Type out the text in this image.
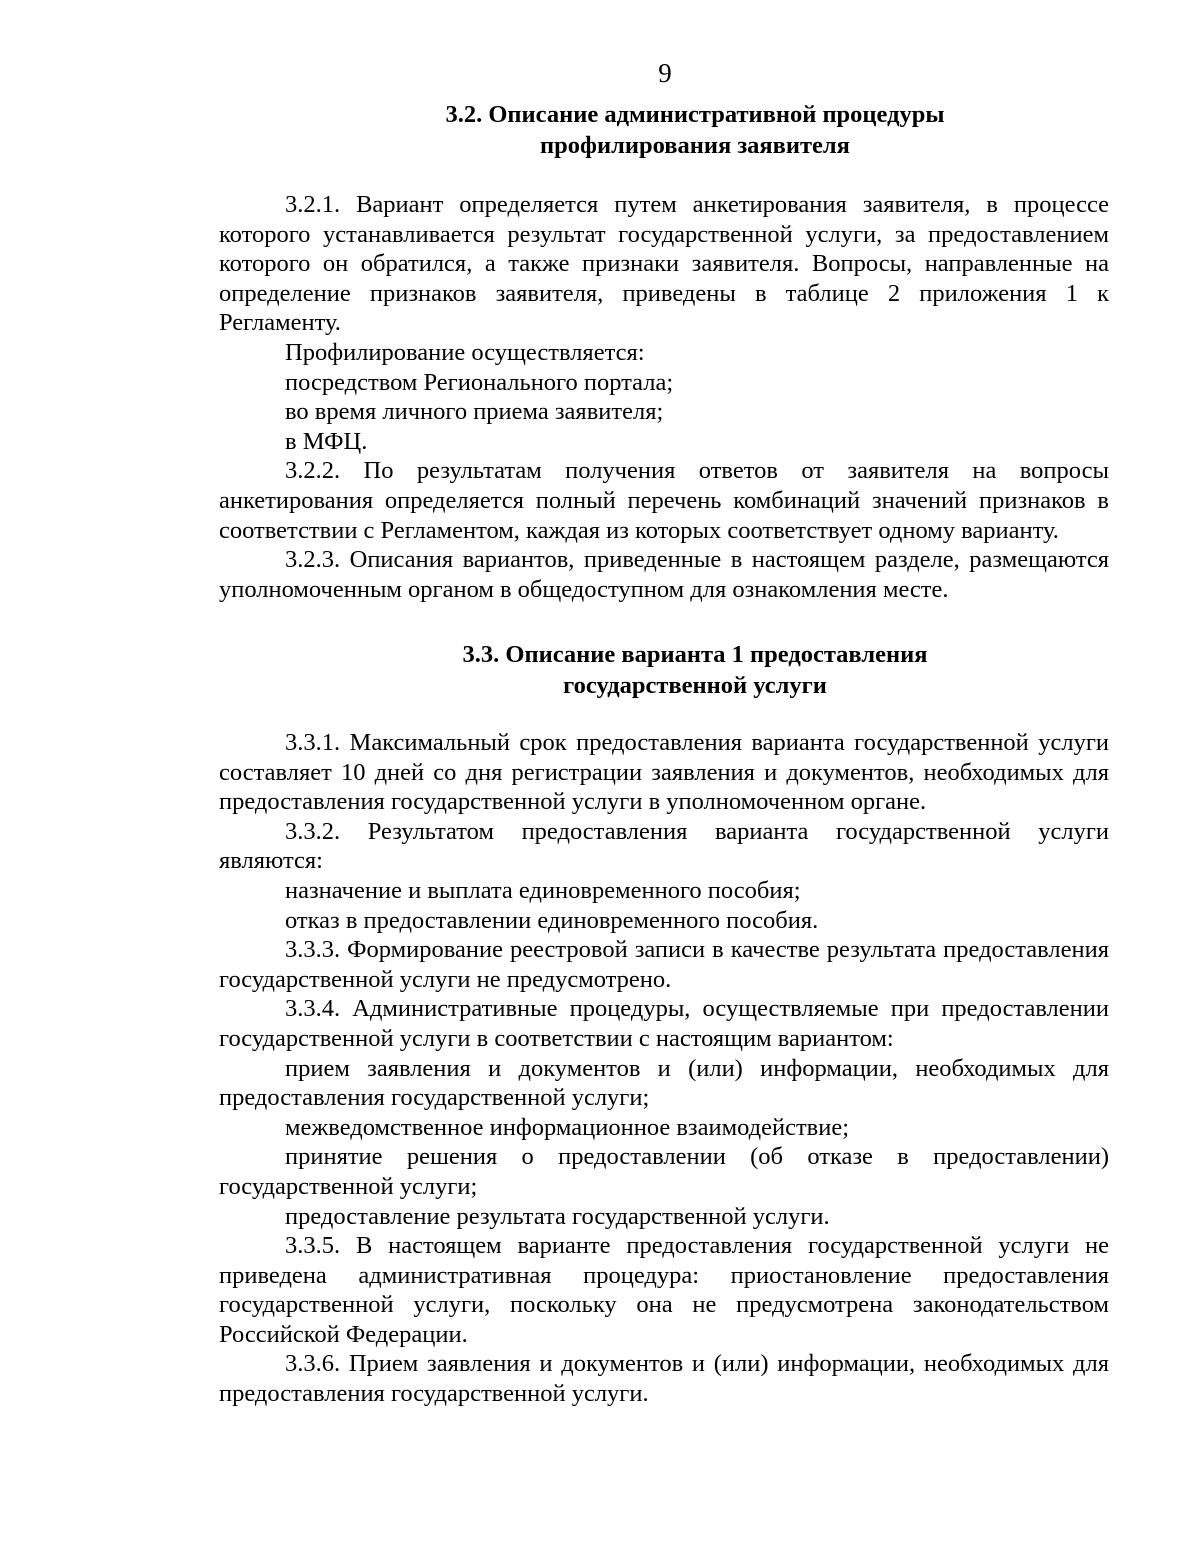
9
3.2. Описание административной процедуры
профилирования заявителя

3.2.1. Вариант определяется путем анкетирования заявителя, в процессе которого устанавливается результат государственной услуги, за предоставлением которого он обратился, а также признаки заявителя. Вопросы, направленные на определение признаков заявителя, приведены в таблице 2 приложения 1 к Регламенту.

Профилирование осуществляется:

посредством Регионального портала;

во время личного приема заявителя;

в МФЦ.

3.2.2. По результатам получения ответов от заявителя на вопросы анкетирования определяется полный перечень комбинаций значений признаков в соответствии с Регламентом, каждая из которых соответствует одному варианту.

3.2.3. Описания вариантов, приведенные в настоящем разделе, размещаются уполномоченным органом в общедоступном для ознакомления месте.

3.3. Описание варианта 1 предоставления
государственной услуги

3.3.1. Максимальный срок предоставления варианта государственной услуги составляет 10 дней со дня регистрации заявления и документов, необходимых для предоставления государственной услуги в уполномоченном органе.

3.3.2. Результатом предоставления варианта государственной услуги являются:

назначение и выплата единовременного пособия;

отказ в предоставлении единовременного пособия.

3.3.3. Формирование реестровой записи в качестве результата предоставления государственной услуги не предусмотрено.

3.3.4. Административные процедуры, осуществляемые при предоставлении государственной услуги в соответствии с настоящим вариантом:

прием заявления и документов и (или) информации, необходимых для предоставления государственной услуги;

межведомственное информационное взаимодействие;

принятие решения о предоставлении (об отказе в предоставлении) государственной услуги;

предоставление результата государственной услуги.

3.3.5. В настоящем варианте предоставления государственной услуги не приведена административная процедура: приостановление предоставления государственной услуги, поскольку она не предусмотрена законодательством Российской Федерации.

3.3.6. Прием заявления и документов и (или) информации, необходимых для предоставления государственной услуги.
